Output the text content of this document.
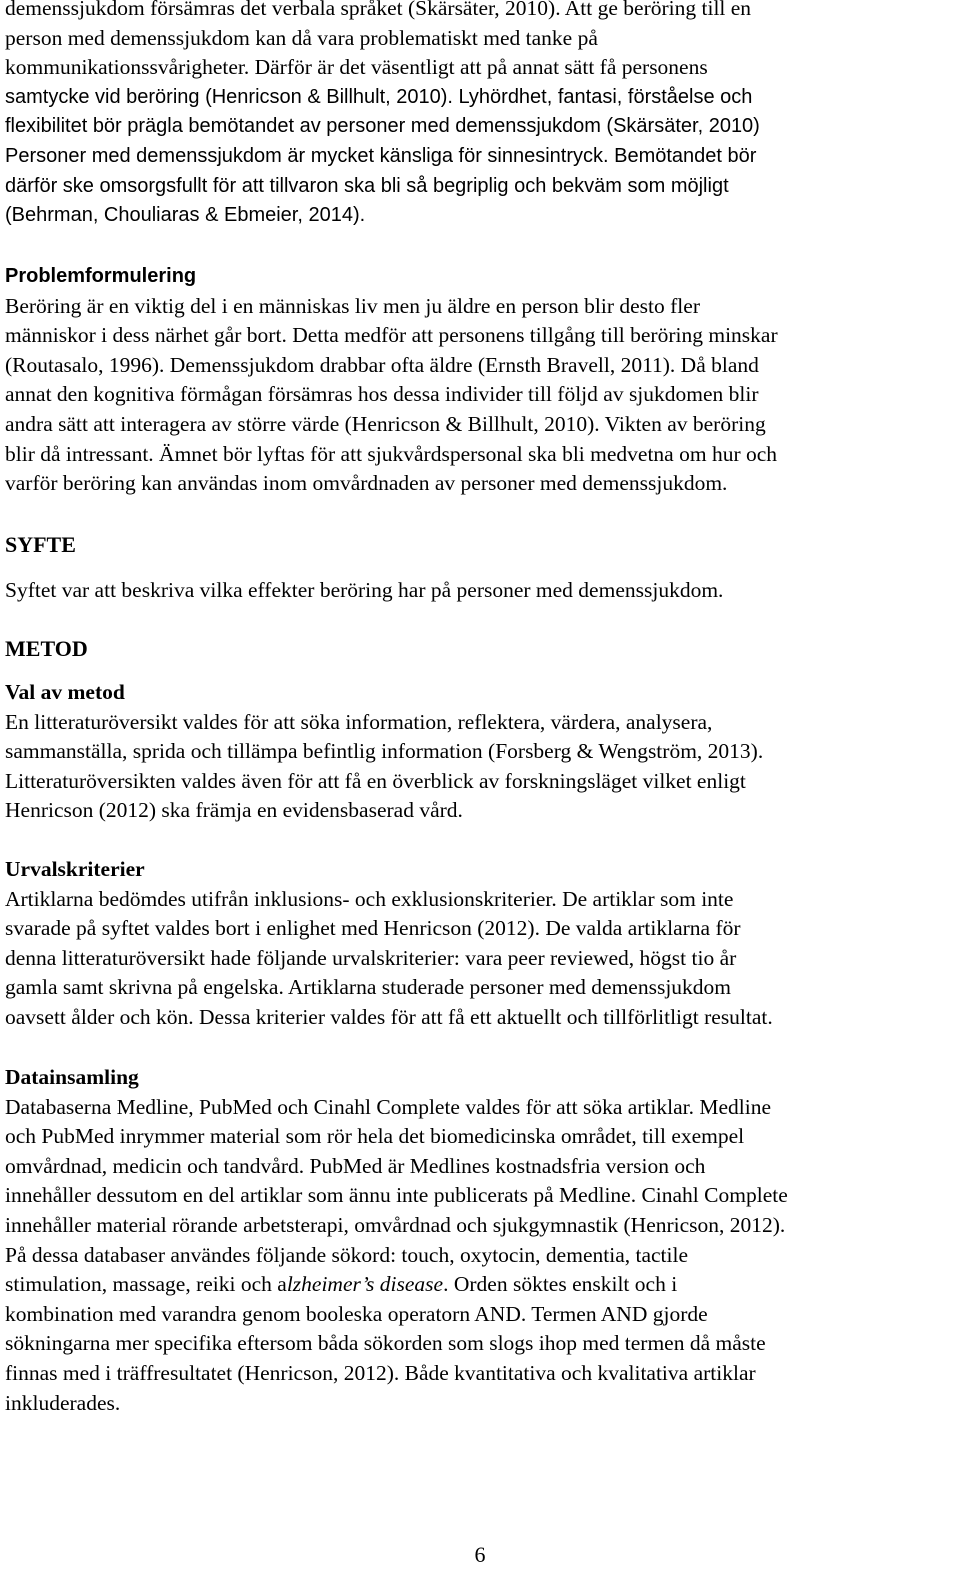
demenssjukdom försämras det verbala språket (Skärsäter, 2010). Att ge beröring till en
person med demenssjukdom kan då vara problematiskt med tanke på
kommunikationssvårigheter. Därför är det väsentligt att på annat sätt få personens
samtycke vid beröring (Henricson & Billhult, 2010). Lyhördhet, fantasi, förståelse och
flexibilitet bör prägla bemötandet av personer med demenssjukdom (Skärsäter, 2010)
Personer med demenssjukdom är mycket känsliga för sinnesintryck. Bemötandet bör
därför ske omsorgsfullt för att tillvaron ska bli så begriplig och bekväm som möjligt
(Behrman, Chouliaras & Ebmeier, 2014).
Problemformulering
Beröring är en viktig del i en människas liv men ju äldre en person blir desto fler
människor i dess närhet går bort. Detta medför att personens tillgång till beröring minskar
(Routasalo, 1996). Demenssjukdom drabbar ofta äldre (Ernsth Bravell, 2011). Då bland
annat den kognitiva förmågan försämras hos dessa individer till följd av sjukdomen blir
andra sätt att interagera av större värde (Henricson & Billhult, 2010). Vikten av beröring
blir då intressant. Ämnet bör lyftas för att sjukvårdspersonal ska bli medvetna om hur och
varför beröring kan användas inom omvårdnaden av personer med demenssjukdom.
SYFTE
Syftet var att beskriva vilka effekter beröring har på personer med demenssjukdom.
METOD
Val av metod
En litteraturöversikt valdes för att söka information, reflektera, värdera, analysera,
sammanställa, sprida och tillämpa befintlig information (Forsberg & Wengström, 2013).
Litteraturöversikten valdes även för att få en överblick av forskningsläget vilket enligt
Henricson (2012) ska främja en evidensbaserad vård.
Urvalskriterier
Artiklarna bedömdes utifrån inklusions- och exklusionskriterier. De artiklar som inte
svarade på syftet valdes bort i enlighet med Henricson (2012). De valda artiklarna för
denna litteraturöversikt hade följande urvalskriterier: vara peer reviewed, högst tio år
gamla samt skrivna på engelska. Artiklarna studerade personer med demenssjukdom
oavsett ålder och kön. Dessa kriterier valdes för att få ett aktuellt och tillförlitligt resultat.
Datainsamling
Databaserna Medline, PubMed och Cinahl Complete valdes för att söka artiklar. Medline
och PubMed inrymmer material som rör hela det biomedicinska området, till exempel
omvårdnad, medicin och tandvård. PubMed är Medlines kostnadsfria version och
innehåller dessutom en del artiklar som ännu inte publicerats på Medline. Cinahl Complete
innehåller material rörande arbetsterapi, omvårdnad och sjukgymnastik (Henricson, 2012).
På dessa databaser användes följande sökord: touch, oxytocin, dementia, tactile
stimulation, massage, reiki och alzheimer’s disease. Orden söktes enskilt och i
kombination med varandra genom booleska operatorn AND. Termen AND gjorde
sökningarna mer specifika eftersom båda sökorden som slogs ihop med termen då måste
finnas med i träffresultatet (Henricson, 2012). Både kvantitativa och kvalitativa artiklar
inkluderades.
6
